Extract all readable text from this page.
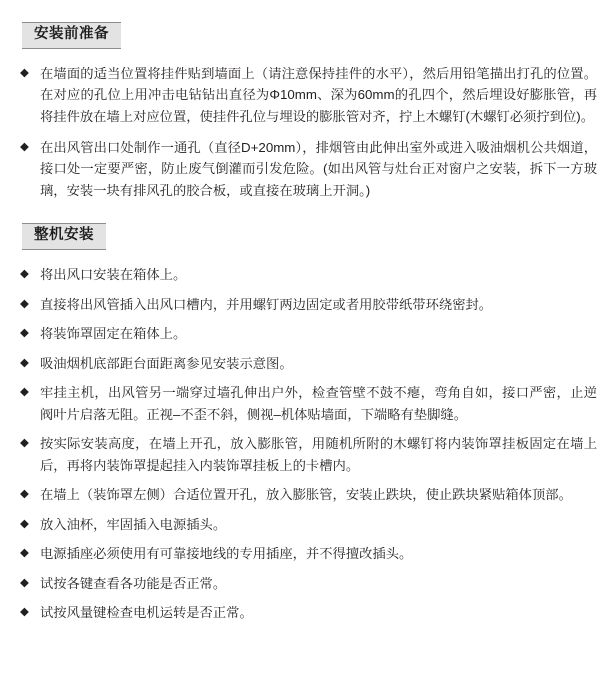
安装前准备
◆ 在墙面的适当位置将挂件贴到墙面上（请注意保持挂件的水平），然后用铅笔描出打孔的位置。在对应的孔位上用冲击电钻钻出直径为Φ10mm、深为60mm的孔四个，然后埋设好膨胀管，再将挂件放在墙上对应位置，使挂件孔位与埋设的膨胀管对齐，拧上木螺钉(木螺钉必须拧到位)。
◆ 在出风管出口处制作一通孔（直径D+20mm），排烟管由此伸出室外或进入吸油烟机公共烟道，接口处一定要严密，防止废气倒灌而引发危险。(如出风管与灶台正对窗户之安装，拆下一方玻璃，安装一块有排风孔的胶合板，或直接在玻璃上开洞。)
整机安装
◆ 将出风口安装在箱体上。
◆ 直接将出风管插入出风口槽内，并用螺钉两边固定或者用胶带纸带环绕密封。
◆ 将装饰罩固定在箱体上。
◆ 吸油烟机底部距台面距离参见安装示意图。
◆ 牢挂主机，出风管另一端穿过墙孔伸出户外，检查管壁不鼓不瘪，弯角自如，接口严密，止逆阀叶片启落无阻。正视–不歪不斜，侧视–机体贴墙面，下端略有垫脚缝。
◆ 按实际安装高度，在墙上开孔，放入膨胀管，用随机所附的木螺钉将内装饰罩挂板固定在墙上后，再将内装饰罩提起挂入内装饰罩挂板上的卡槽内。
◆ 在墙上（装饰罩左侧）合适位置开孔，放入膨胀管，安装止跌块，使止跌块紧贴箱体顶部。
◆ 放入油杯，牢固插入电源插头。
◆ 电源插座必须使用有可靠接地线的专用插座，并不得擅改插头。
◆ 试按各键查看各功能是否正常。
◆ 试按风量键检查电机运转是否正常。
